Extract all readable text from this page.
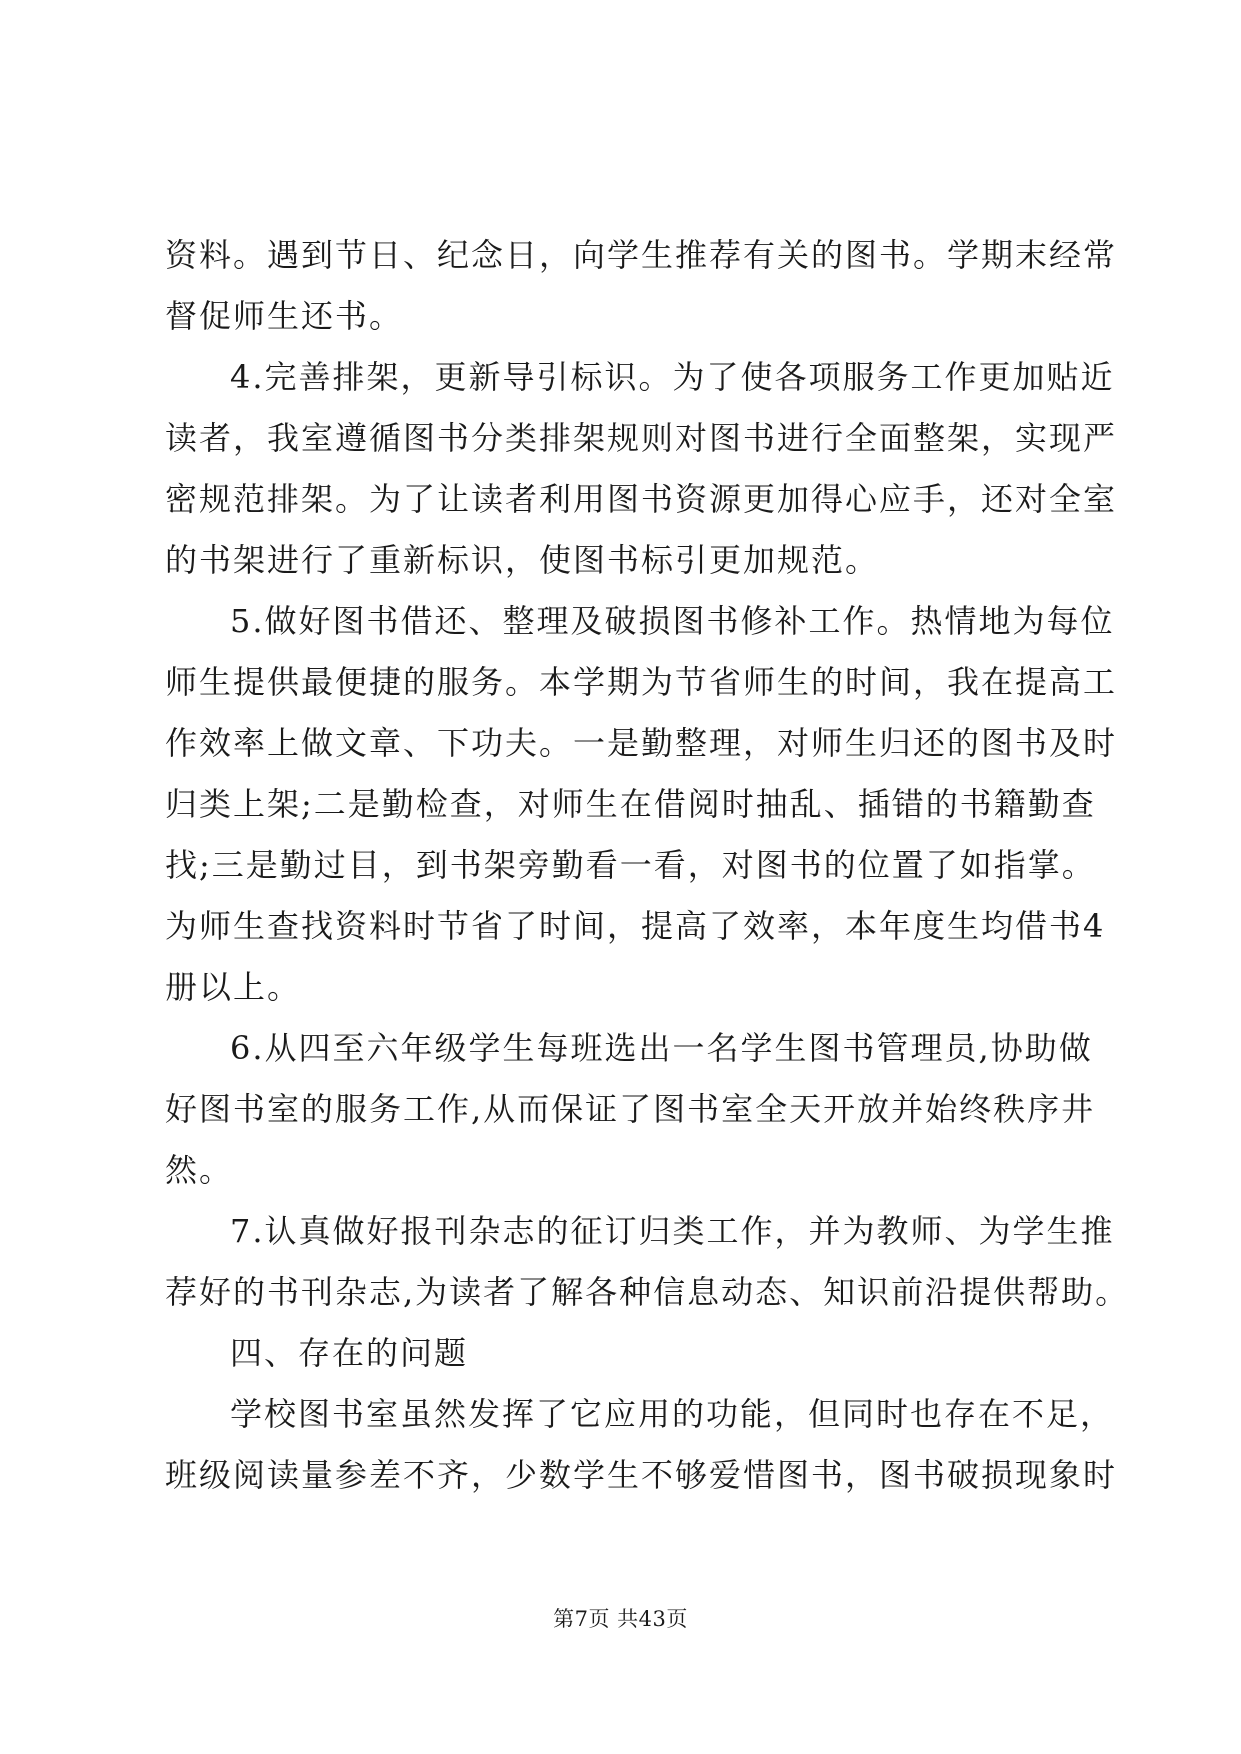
资料。遇到节日、纪念日，向学生推荐有关的图书。学期末经常
督促师生还书。
4.完善排架，更新导引标识。为了使各项服务工作更加贴近
读者，我室遵循图书分类排架规则对图书进行全面整架，实现严
密规范排架。为了让读者利用图书资源更加得心应手，还对全室
的书架进行了重新标识，使图书标引更加规范。
5.做好图书借还、整理及破损图书修补工作。热情地为每位
师生提供最便捷的服务。本学期为节省师生的时间，我在提高工
作效率上做文章、下功夫。一是勤整理，对师生归还的图书及时
归类上架;二是勤检查，对师生在借阅时抽乱、插错的书籍勤查
找;三是勤过目，到书架旁勤看一看，对图书的位置了如指掌。
为师生查找资料时节省了时间，提高了效率，本年度生均借书4
册以上。
6.从四至六年级学生每班选出一名学生图书管理员,协助做
好图书室的服务工作,从而保证了图书室全天开放并始终秩序井
然。
7.认真做好报刊杂志的征订归类工作，并为教师、为学生推
荐好的书刊杂志,为读者了解各种信息动态、知识前沿提供帮助。
四、存在的问题
学校图书室虽然发挥了它应用的功能，但同时也存在不足，
班级阅读量参差不齐，少数学生不够爱惜图书，图书破损现象时
第7页 共43页
